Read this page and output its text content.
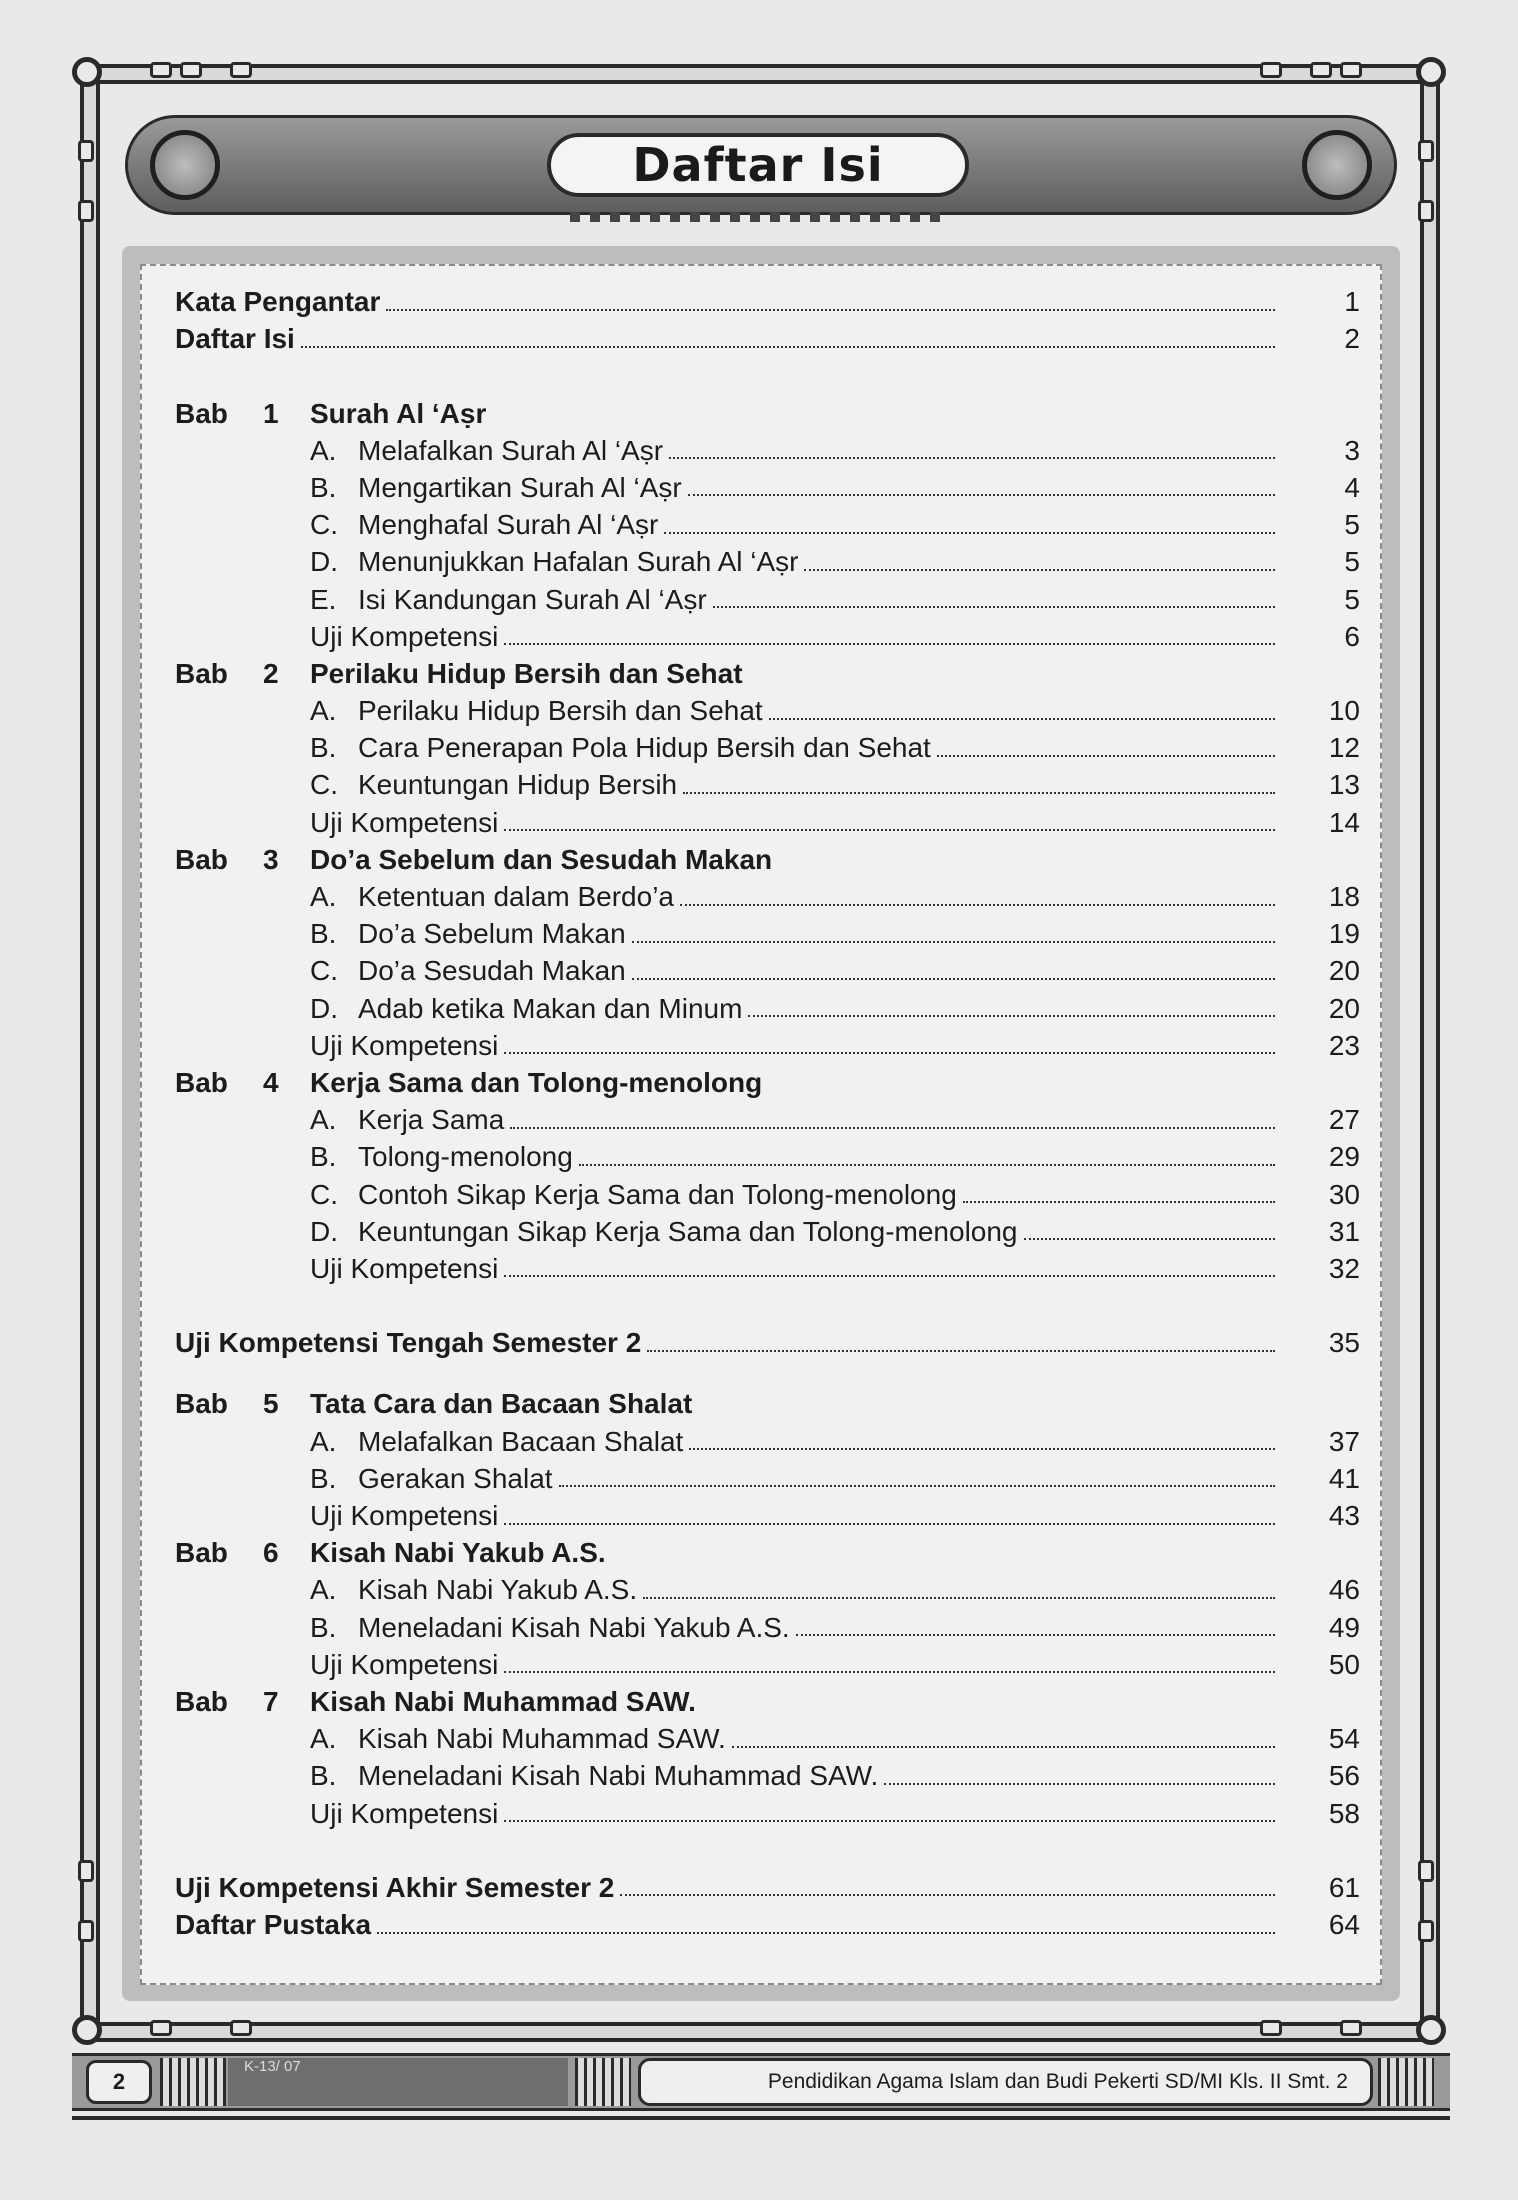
Daftar Isi
Kata Pengantar	1
Daftar Isi	2
Bab 1	Surah Al ‘Aṣr
A. Melafalkan Surah Al ‘Aṣr	3
B. Mengartikan Surah Al ‘Aṣr	4
C. Menghafal Surah Al ‘Aṣr	5
D. Menunjukkan Hafalan Surah Al ‘Aṣr	5
E. Isi Kandungan Surah Al ‘Aṣr	5
Uji Kompetensi	6
Bab 2	Perilaku Hidup Bersih dan Sehat
A. Perilaku Hidup Bersih dan Sehat	10
B. Cara Penerapan Pola Hidup Bersih dan Sehat	12
C. Keuntungan Hidup Bersih	13
Uji Kompetensi	14
Bab 3	Do’a Sebelum dan Sesudah Makan
A. Ketentuan dalam Berdo’a	18
B. Do’a Sebelum Makan	19
C. Do’a Sesudah Makan	20
D. Adab ketika Makan dan Minum	20
Uji Kompetensi	23
Bab 4	Kerja Sama dan Tolong-menolong
A. Kerja Sama	27
B. Tolong-menolong	29
C. Contoh Sikap Kerja Sama dan Tolong-menolong	30
D. Keuntungan Sikap Kerja Sama dan Tolong-menolong	31
Uji Kompetensi	32
Uji Kompetensi Tengah Semester 2	35
Bab 5	Tata Cara dan Bacaan Shalat
A. Melafalkan Bacaan Shalat	37
B. Gerakan Shalat	41
Uji Kompetensi	43
Bab 6	Kisah Nabi Yakub A.S.
A. Kisah Nabi Yakub A.S.	46
B. Meneladani Kisah Nabi Yakub A.S.	49
Uji Kompetensi	50
Bab 7	Kisah Nabi Muhammad SAW.
A. Kisah Nabi Muhammad SAW.	54
B. Meneladani Kisah Nabi Muhammad SAW.	56
Uji Kompetensi	58
Uji Kompetensi Akhir Semester 2	61
Daftar Pustaka	64
2
K-13/ 07
Pendidikan Agama Islam dan Budi Pekerti SD/MI Kls. II Smt. 2
